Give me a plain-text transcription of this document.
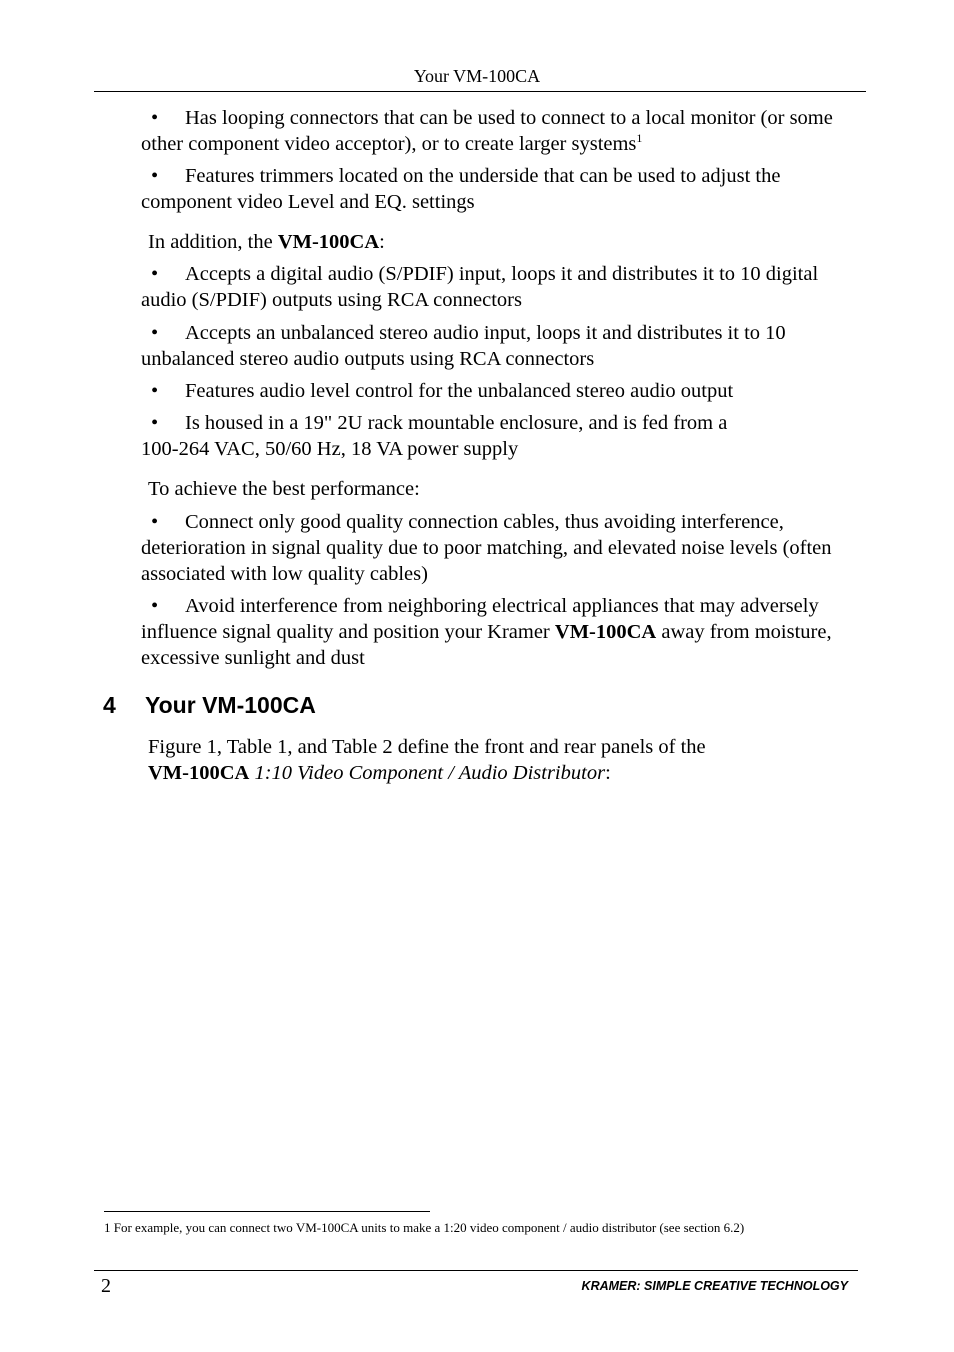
Your VM-100CA
• Has looping connectors that can be used to connect to a local monitor (or some other component video acceptor), or to create larger systems$^1$
• Features trimmers located on the underside that can be used to adjust the component video Level and EQ. settings
In addition, the VM-100CA:
• Accepts a digital audio (S/PDIF) input, loops it and distributes it to 10 digital audio (S/PDIF) outputs using RCA connectors
• Accepts an unbalanced stereo audio input, loops it and distributes it to 10 unbalanced stereo audio outputs using RCA connectors
• Features audio level control for the unbalanced stereo audio output
• Is housed in a 19" 2U rack mountable enclosure, and is fed from a
100-264 VAC, 50/60 Hz, 18 VA power supply
To achieve the best performance:
• Connect only good quality connection cables, thus avoiding interference, deterioration in signal quality due to poor matching, and elevated noise levels (often associated with low quality cables)
• Avoid interference from neighboring electrical appliances that may adversely influence signal quality and position your Kramer VM-100CA away from moisture, excessive sunlight and dust
4 Your VM-100CA
Figure 1, Table 1, and Table 2 define the front and rear panels of the
VM-100CA 1:10 Video Component / Audio Distributor:
1 For example, you can connect two VM-100CA units to make a 1:20 video component / audio distributor (see section 6.2)
2	KRAMER: SIMPLE CREATIVE TECHNOLOGY
